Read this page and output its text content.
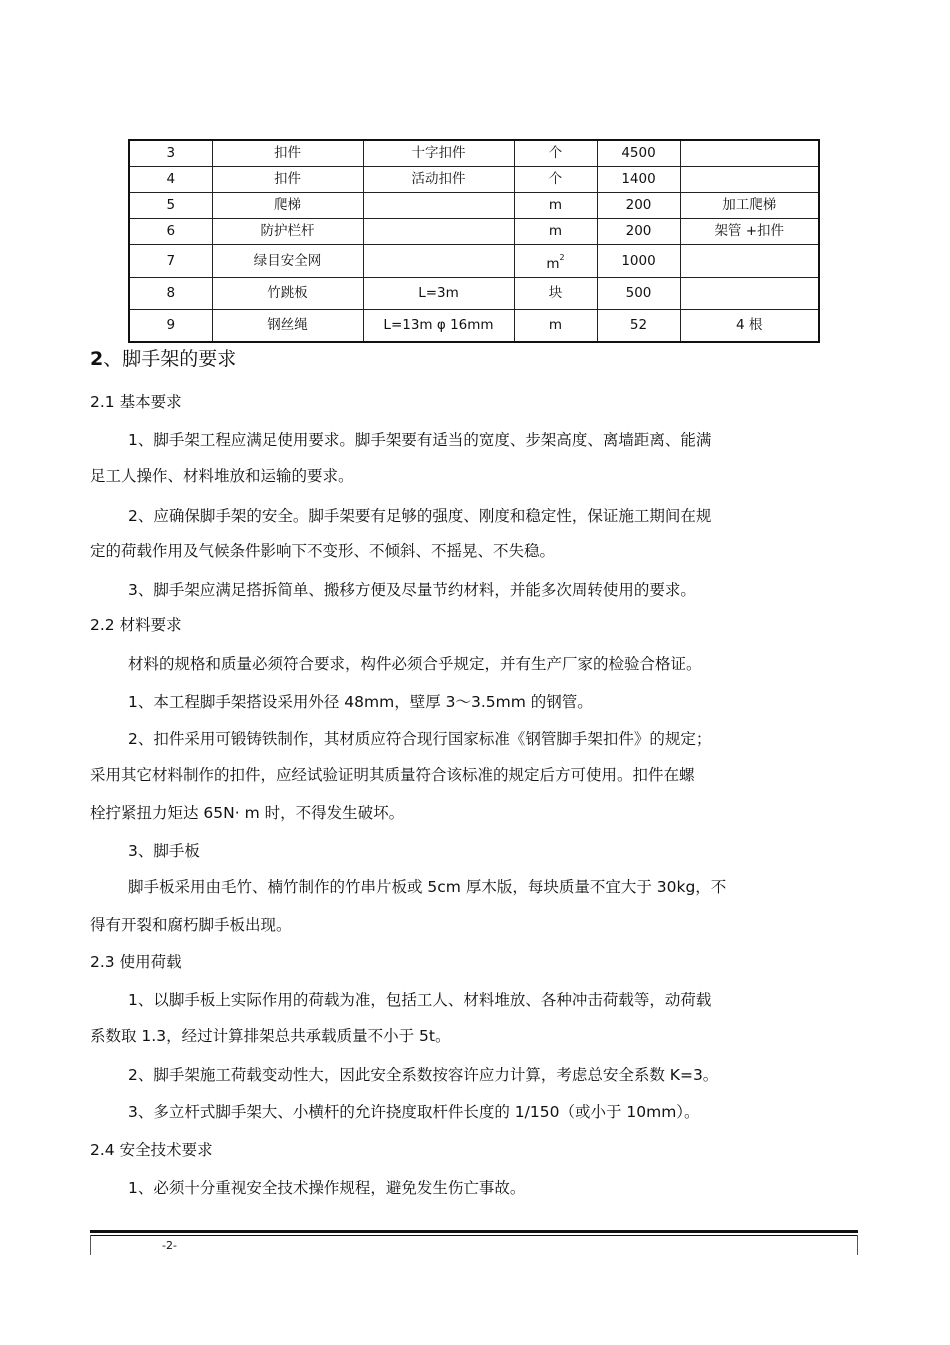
3	扣件	十字扣件	个	4500	
4	扣件	活动扣件	个	1400	
5	爬梯		m	200	加工爬梯
6	防护栏杆		m	200	架管 +扣件
7	绿目安全网		$m^2$	1000	
8	竹跳板	L=3m	块	500	
9	钢丝绳	L=13m φ 16mm	m	52	4 根
2、脚手架的要求
2.1 基本要求
1、脚手架工程应满足使用要求。脚手架要有适当的宽度、步架高度、离墙距离、能满
足工人操作、材料堆放和运输的要求。
2、应确保脚手架的安全。脚手架要有足够的强度、刚度和稳定性，保证施工期间在规
定的荷载作用及气候条件影响下不变形、不倾斜、不摇晃、不失稳。
3、脚手架应满足搭拆简单、搬移方便及尽量节约材料，并能多次周转使用的要求。
2.2 材料要求
材料的规格和质量必须符合要求，构件必须合乎规定，并有生产厂家的检验合格证。
1、本工程脚手架搭设采用外径 48mm，壁厚 3～3.5mm 的钢管。
2、扣件采用可锻铸铁制作，其材质应符合现行国家标准《钢管脚手架扣件》的规定；
采用其它材料制作的扣件，应经试验证明其质量符合该标准的规定后方可使用。扣件在螺
栓拧紧扭力矩达 65N· m 时，不得发生破坏。
3、脚手板
脚手板采用由毛竹、楠竹制作的竹串片板或 5cm 厚木版，每块质量不宜大于 30kg，不
得有开裂和腐朽脚手板出现。
2.3 使用荷载
1、以脚手板上实际作用的荷载为准，包括工人、材料堆放、各种冲击荷载等，动荷载
系数取 1.3，经过计算排架总共承载质量不小于 5t。
2、脚手架施工荷载变动性大，因此安全系数按容许应力计算，考虑总安全系数 K=3。
3、多立杆式脚手架大、小横杆的允许挠度取杆件长度的 1/150（或小于 10mm）。
2.4 安全技术要求
1、必须十分重视安全技术操作规程，避免发生伤亡事故。
-2-
